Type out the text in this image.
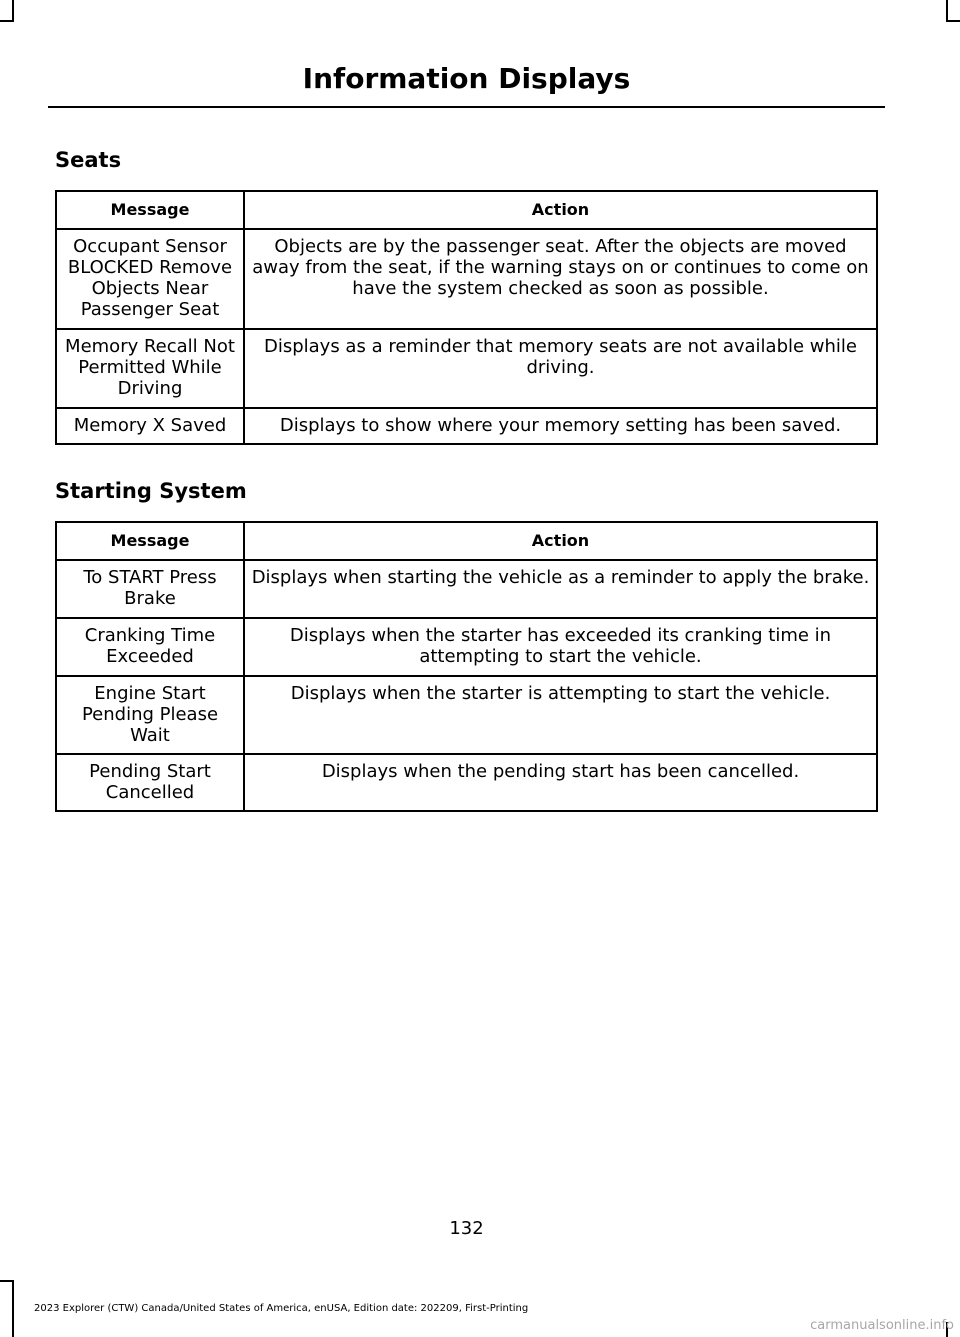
Information Displays
Seats
Message	Action
Occupant Sensor BLOCKED Remove Objects Near Passenger Seat	Objects are by the passenger seat. After the objects are moved away from the seat, if the warning stays on or continues to come on have the system checked as soon as possible.
Memory Recall Not Permitted While Driving	Displays as a reminder that memory seats are not available while driving.
Memory X Saved	Displays to show where your memory setting has been saved.
Starting System
Message	Action
To START Press Brake	Displays when starting the vehicle as a reminder to apply the brake.
Cranking Time Exceeded	Displays when the starter has exceeded its cranking time in attempting to start the vehicle.
Engine Start Pending Please Wait	Displays when the starter is attempting to start the vehicle.
Pending Start Cancelled	Displays when the pending start has been cancelled.
132
2023 Explorer (CTW) Canada/United States of America, enUSA, Edition date: 202209, First-Printing
carmanualsonline.info
